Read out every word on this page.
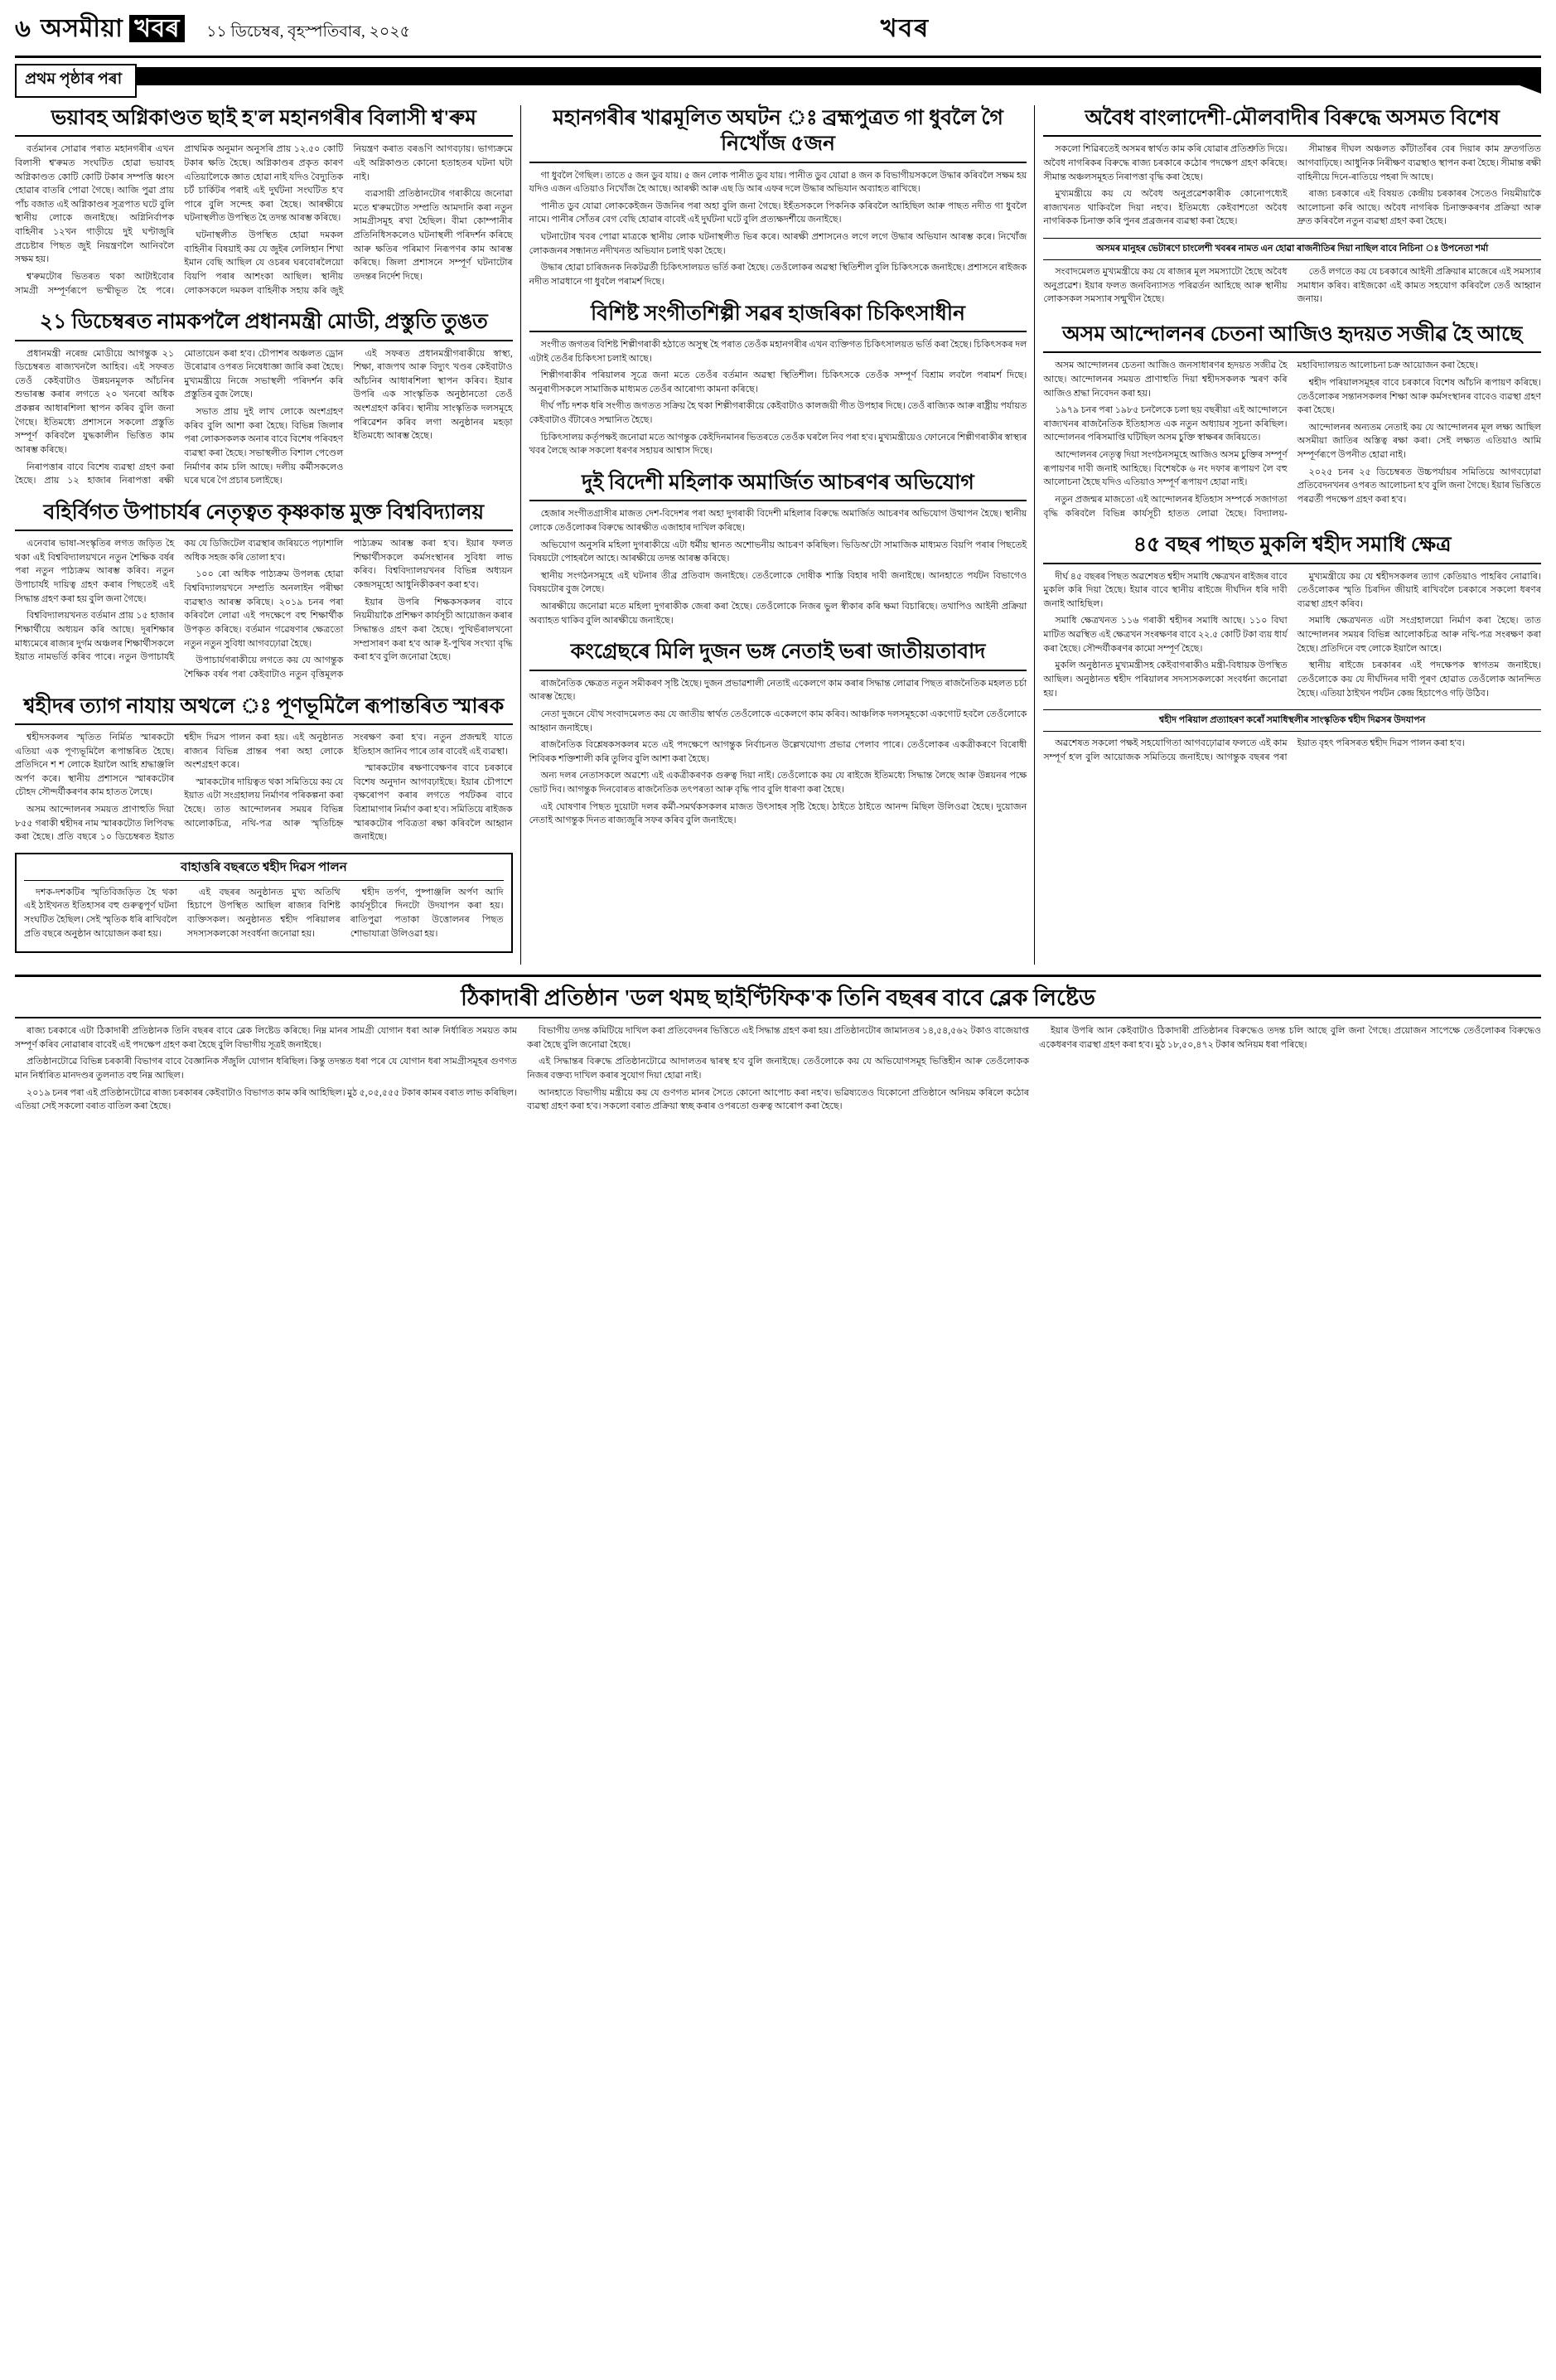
৬ অসমীয়া খবৰ	১১ ডিচেম্বৰ, বৃহস্পতিবাৰ, ২০২৫	খবৰ
প্ৰথম পৃষ্ঠাৰ পৰা
ভয়াবহ অগ্নিকাণ্ডত ছাই হ'ল মহানগৰীৰ বিলাসী শ্ব'ৰুম

বৰ্তমানৰ সোৱাৰ পৰাত মহানগৰীৰ এখন বিলাসী শ্ব'ৰুমত সংঘটিত হোৱা ভয়াবহ অগ্নিকাণ্ডত কোটি কোটি টকাৰ সম্পত্তি ধ্বংস হোৱাৰ বাতৰি পোৱা গৈছে। আজি পুৱা প্ৰায় পাঁচ বজাত এই অগ্নিকাণ্ডৰ সূত্ৰপাত ঘটে বুলি স্থানীয় লোকে জনাইছে। অগ্নিনিৰ্বাপক বাহিনীৰ ১২খন গাড়ীয়ে দুই ঘণ্টাজুৰি প্ৰচেষ্টাৰ পিছত জুই নিয়ন্ত্ৰণলৈ আনিবলৈ সক্ষম হয়।

শ্ব'ৰুমটোৰ ভিতৰত থকা আটাইবোৰ সামগ্ৰী সম্পূৰ্ণৰূপে ভস্মীভূত হৈ পৰে। প্ৰাথমিক অনুমান অনুসৰি প্ৰায় ১২.৫০ কোটি টকাৰ ক্ষতি হৈছে। অগ্নিকাণ্ডৰ প্ৰকৃত কাৰণ এতিয়ালৈকে জ্ঞাত হোৱা নাই যদিও বৈদ্যুতিক চৰ্ট চাৰ্কিটৰ পৰাই এই দুৰ্ঘটনা সংঘটিত হ'ব পাৰে বুলি সন্দেহ কৰা হৈছে। আৰক্ষীয়ে ঘটনাস্থলীত উপস্থিত হৈ তদন্ত আৰম্ভ কৰিছে।

ঘটনাস্থলীত উপস্থিত হোৱা দমকল বাহিনীৰ বিষয়াই কয় যে জুইৰ লেলিহান শিখা ইমান বেছি আছিল যে ওচৰৰ ঘৰবোৰলৈয়ো বিয়পি পৰাৰ আশংকা আছিল। স্থানীয় লোকসকলে দমকল বাহিনীক সহায় কৰি জুই নিয়ন্ত্ৰণ কৰাত বৰঙণি আগবঢ়ায়। ভাগ্যক্ৰমে এই অগ্নিকাণ্ডত কোনো হতাহতৰ ঘটনা ঘটা নাই।

ব্যৱসায়ী প্ৰতিষ্ঠানটোৰ গৰাকীয়ে জনোৱা মতে শ্ব'ৰুমটোত সম্প্ৰতি আমদানি কৰা নতুন সামগ্ৰীসমূহ ৰখা হৈছিল। বীমা কোম্পানীৰ প্ৰতিনিধিসকলেও ঘটনাস্থলী পৰিদৰ্শন কৰিছে আৰু ক্ষতিৰ পৰিমাণ নিৰূপণৰ কাম আৰম্ভ কৰিছে। জিলা প্ৰশাসনে সম্পূৰ্ণ ঘটনাটোৰ তদন্তৰ নিৰ্দেশ দিছে।

২১ ডিচেম্বৰত নামকপলৈ প্ৰধানমন্ত্ৰী মোডী, প্ৰস্তুতি তুঙত

প্ৰধানমন্ত্ৰী নৰেন্দ্ৰ মোডীয়ে আগন্তুক ২১ ডিচেম্বৰত ৰাজ্যখনলৈ আহিব। এই সফৰত তেওঁ কেইবাটাও উন্নয়নমূলক আঁচনিৰ শুভাৰম্ভ কৰাৰ লগতে ২০ খনৰো অধিক প্ৰকল্পৰ আধাৰশিলা স্থাপন কৰিব বুলি জনা গৈছে। ইতিমধ্যে প্ৰশাসনে সকলো প্ৰস্তুতি সম্পূৰ্ণ কৰিবলৈ যুদ্ধকালীন ভিত্তিত কাম আৰম্ভ কৰিছে।

নিৰাপত্তাৰ বাবে বিশেষ ব্যৱস্থা গ্ৰহণ কৰা হৈছে। প্ৰায় ১২ হাজাৰ নিৰাপত্তা ৰক্ষী মোতায়েন কৰা হ'ব। চৌপাশৰ অঞ্চলত ড্ৰোন উৰোৱাৰ ওপৰত নিষেধাজ্ঞা জাৰি কৰা হৈছে। মুখ্যমন্ত্ৰীয়ে নিজে সভাস্থলী পৰিদৰ্শন কৰি প্ৰস্তুতিৰ বুজ লৈছে।

সভাত প্ৰায় দুই লাখ লোকে অংশগ্ৰহণ কৰিব বুলি আশা কৰা হৈছে। বিভিন্ন জিলাৰ পৰা লোকসকলক অনাৰ বাবে বিশেষ পৰিবহণ ব্যৱস্থা কৰা হৈছে। সভাস্থলীত বিশাল পেণ্ডেল নিৰ্মাণৰ কাম চলি আছে। দলীয় কৰ্মীসকলেও ঘৰে ঘৰে গৈ প্ৰচাৰ চলাইছে।

এই সফৰত প্ৰধানমন্ত্ৰীগৰাকীয়ে স্বাস্থ্য, শিক্ষা, ৰাজপথ আৰু বিদ্যুৎ খণ্ডৰ কেইবাটাও আঁচনিৰ আধাৰশিলা স্থাপন কৰিব। ইয়াৰ উপৰি এক সাংস্কৃতিক অনুষ্ঠানতো তেওঁ অংশগ্ৰহণ কৰিব। স্থানীয় সাংস্কৃতিক দলসমূহে পৰিৱেশন কৰিব লগা অনুষ্ঠানৰ মহড়া ইতিমধ্যে আৰম্ভ হৈছে।

বহিৰ্বিগত উপাচাৰ্যৰ নেতৃত্বত কৃষ্ণকান্ত মুক্ত বিশ্ববিদ্যালয়

এনেবাৰ ভাষা-সংস্কৃতিৰ লগত জড়িত হৈ থকা এই বিশ্ববিদ্যালয়খনে নতুন শৈক্ষিক বৰ্ষৰ পৰা নতুন পাঠ্যক্ৰম আৰম্ভ কৰিব। নতুন উপাচাৰ্যই দায়িত্ব গ্ৰহণ কৰাৰ পিছতেই এই সিদ্ধান্ত গ্ৰহণ কৰা হয় বুলি জনা গৈছে।

বিশ্ববিদ্যালয়খনত বৰ্তমান প্ৰায় ১৫ হাজাৰ শিক্ষাৰ্থীয়ে অধ্যয়ন কৰি আছে। দূৰশিক্ষাৰ মাধ্যমেৰে ৰাজ্যৰ দুৰ্গম অঞ্চলৰ শিক্ষাৰ্থীসকলে ইয়াত নামভৰ্তি কৰিব পাৰে। নতুন উপাচাৰ্যই কয় যে ডিজিটেল ব্যৱস্থাৰ জৰিয়তে পঢ়াশালি অধিক সহজ কৰি তোলা হ'ব।

১০০ ৰো অধিক পাঠ্যক্ৰম উপলব্ধ হোৱা বিশ্ববিদ্যালয়খনে সম্প্ৰতি অনলাইন পৰীক্ষা ব্যৱস্থাও আৰম্ভ কৰিছে। ২০১৯ চনৰ পৰা কৰিবলৈ লোৱা এই পদক্ষেপে বহু শিক্ষাৰ্থীক উপকৃত কৰিছে। বৰ্তমান গৱেষণাৰ ক্ষেত্ৰতো নতুন নতুন সুবিধা আগবঢ়োৱা হৈছে।

উপাচাৰ্যগৰাকীয়ে লগতে কয় যে আগন্তুক শৈক্ষিক বৰ্ষৰ পৰা কেইবাটাও নতুন বৃত্তিমূলক পাঠ্যক্ৰম আৰম্ভ কৰা হ'ব। ইয়াৰ ফলত শিক্ষাৰ্থীসকলে কৰ্মসংস্থানৰ সুবিধা লাভ কৰিব। বিশ্ববিদ্যালয়খনৰ বিভিন্ন অধ্যয়ন কেন্দ্ৰসমূহো আধুনিকীকৰণ কৰা হ'ব।

ইয়াৰ উপৰি শিক্ষকসকলৰ বাবে নিয়মীয়াকৈ প্ৰশিক্ষণ কাৰ্যসূচী আয়োজন কৰাৰ সিদ্ধান্তও গ্ৰহণ কৰা হৈছে। পুথিভঁৰালখনো সম্প্ৰসাৰণ কৰা হ'ব আৰু ই-পুথিৰ সংখ্যা বৃদ্ধি কৰা হ'ব বুলি জনোৱা হৈছে।

শ্বহীদৰ ত্যাগ নাযায় অথলে ঃ পূণভূমিলৈ ৰূপান্তৰিত স্মাৰক

শ্বহীদসকলৰ স্মৃতিত নিৰ্মিত স্মাৰকটো এতিয়া এক পূণ্যভূমিলৈ ৰূপান্তৰিত হৈছে। প্ৰতিদিনে শ শ লোকে ইয়ালৈ আহি শ্ৰদ্ধাঞ্জলি অৰ্পণ কৰে। স্থানীয় প্ৰশাসনে স্মাৰকটোৰ চৌহদ সৌন্দৰ্যীকৰণৰ কাম হাতত লৈছে।

অসম আন্দোলনৰ সময়ত প্ৰাণাহুতি দিয়া ৮৫৫ গৰাকী শ্বহীদৰ নাম স্মাৰকটোত লিপিবদ্ধ কৰা হৈছে। প্ৰতি বছৰে ১০ ডিচেম্বৰত ইয়াত শ্বহীদ দিৱস পালন কৰা হয়। এই অনুষ্ঠানত ৰাজ্যৰ বিভিন্ন প্ৰান্তৰ পৰা অহা লোকে অংশগ্ৰহণ কৰে।

স্মাৰকটোৰ দায়িত্বত থকা সমিতিয়ে কয় যে ইয়াত এটা সংগ্ৰহালয় নিৰ্মাণৰ পৰিকল্পনা কৰা হৈছে। তাত আন্দোলনৰ সময়ৰ বিভিন্ন আলোকচিত্ৰ, নথি-পত্ৰ আৰু স্মৃতিচিহ্ন সংৰক্ষণ কৰা হ'ব। নতুন প্ৰজন্মই যাতে ইতিহাস জানিব পাৰে তাৰ বাবেই এই ব্যৱস্থা।

স্মাৰকটোৰ ৰক্ষণাবেক্ষণৰ বাবে চৰকাৰে বিশেষ অনুদান আগবঢ়াইছে। ইয়াৰ চৌপাশে বৃক্ষৰোপণ কৰাৰ লগতে পৰ্যটকৰ বাবে বিশ্ৰামাগাৰ নিৰ্মাণ কৰা হ'ব। সমিতিয়ে ৰাইজক স্মাৰকটোৰ পবিত্ৰতা ৰক্ষা কৰিবলৈ আহ্বান জনাইছে।

বাহাত্তৰি বছৰতে শ্বহীদ দিৱস পালন

দশক-দশকটিৰ স্মৃতিবিজড়িত হৈ থকা এই ঠাইখনত ইতিহাসৰ বহু গুৰুত্বপূৰ্ণ ঘটনা সংঘটিত হৈছিল। সেই স্মৃতিক ধৰি ৰাখিবলৈ প্ৰতি বছৰে অনুষ্ঠান আয়োজন কৰা হয়।

এই বছৰৰ অনুষ্ঠানত মুখ্য অতিথি হিচাপে উপস্থিত আছিল ৰাজ্যৰ বিশিষ্ট ব্যক্তিসকল। অনুষ্ঠানত শ্বহীদ পৰিয়ালৰ সদস্যসকলকো সংবৰ্ধনা জনোৱা হয়।

শ্বহীদ তৰ্পণ, পুষ্পাঞ্জলি অৰ্পণ আদি কাৰ্যসূচীৰে দিনটো উদযাপন কৰা হয়। ৰাতিপুৱা পতাকা উত্তোলনৰ পিছত শোভাযাত্ৰা উলিওৱা হয়।

মহানগৰীৰ খাৱমূলিত অঘটন ঃ ব্ৰহ্মপুত্ৰত গা ধুবলৈ গৈ নিখোঁজ ৫জন

গা ধুবলৈ গৈছিল। তাতে ৫ জন ডুব যায়। ৫ জন লোক পানীত ডুব যায়। পানীত ডুব যোৱা ৪ জন ক বিভাগীয়সকলে উদ্ধাৰ কৰিবলৈ সক্ষম হয় যদিও এজন এতিয়াও নিখোঁজ হৈ আছে। আৰক্ষী আৰু এছ ডি আৰ এফৰ দলে উদ্ধাৰ অভিযান অব্যাহত ৰাখিছে।

পানীত ডুব যোৱা লোককেইজন উজনিৰ পৰা অহা বুলি জনা গৈছে। ইহঁতসকলে পিকনিক কৰিবলৈ আহিছিল আৰু পাছত নদীত গা ধুবলৈ নামে। পানীৰ সোঁতৰ বেগ বেছি হোৱাৰ বাবেই এই দুৰ্ঘটনা ঘটে বুলি প্ৰত্যক্ষদৰ্শীয়ে জনাইছে।

ঘটনাটোৰ খবৰ পোৱা মাত্ৰকে স্থানীয় লোক ঘটনাস্থলীত ভিৰ কৰে। আৰক্ষী প্ৰশাসনেও লগে লগে উদ্ধাৰ অভিযান আৰম্ভ কৰে। নিখোঁজ লোকজনৰ সন্ধানত নদীখনত অভিযান চলাই থকা হৈছে।

উদ্ধাৰ হোৱা চাৰিজনক নিকটৱৰ্তী চিকিৎসালয়ত ভৰ্তি কৰা হৈছে। তেওঁলোকৰ অৱস্থা স্থিতিশীল বুলি চিকিৎসকে জনাইছে। প্ৰশাসনে ৰাইজক নদীত সাৱধানে গা ধুবলৈ পৰামৰ্শ দিছে।

বিশিষ্ট সংগীতশিল্পী সৱৰ হাজৰিকা চিকিৎসাধীন

সংগীত জগতৰ বিশিষ্ট শিল্পীগৰাকী হঠাতে অসুস্থ হৈ পৰাত তেওঁক মহানগৰীৰ এখন ব্যক্তিগত চিকিৎসালয়ত ভৰ্তি কৰা হৈছে। চিকিৎসকৰ দল এটাই তেওঁৰ চিকিৎসা চলাই আছে।

শিল্পীগৰাকীৰ পৰিয়ালৰ সূত্ৰে জনা মতে তেওঁৰ বৰ্তমান অৱস্থা স্থিতিশীল। চিকিৎসকে তেওঁক সম্পূৰ্ণ বিশ্ৰাম লবলৈ পৰামৰ্শ দিছে। অনুৰাগীসকলে সামাজিক মাধ্যমত তেওঁৰ আৰোগ্য কামনা কৰিছে।

দীৰ্ঘ পাঁচ দশক ধৰি সংগীত জগতত সক্ৰিয় হৈ থকা শিল্পীগৰাকীয়ে কেইবাটাও কালজয়ী গীত উপহাৰ দিছে। তেওঁ ৰাজ্যিক আৰু ৰাষ্ট্ৰীয় পৰ্যায়ত কেইবাটাও বঁটাৰেও সন্মানিত হৈছে।

চিকিৎসালয় কৰ্তৃপক্ষই জনোৱা মতে আগন্তুক কেইদিনমানৰ ভিতৰতে তেওঁক ঘৰলৈ নিব পৰা হ'ব। মুখ্যমন্ত্ৰীয়েও ফোনেৰে শিল্পীগৰাকীৰ স্বাস্থ্যৰ খবৰ লৈছে আৰু সকলো ধৰণৰ সহায়ৰ আশ্বাস দিছে।

দুই বিদেশী মহিলাক অমাৰ্জিত আচৰণৰ অভিযোগ

হেজাৰ সংগীতগ্ৰাসীৰ মাজত দেশ-বিদেশৰ পৰা অহা দুগৰাকী বিদেশী মহিলাৰ বিৰুদ্ধে অমাৰ্জিত আচৰণৰ অভিযোগ উত্থাপন হৈছে। স্থানীয় লোকে তেওঁলোকৰ বিৰুদ্ধে আৰক্ষীত এজাহাৰ দাখিল কৰিছে।

অভিযোগ অনুসৰি মহিলা দুগৰাকীয়ে এটা ধৰ্মীয় স্থানত অশোভনীয় আচৰণ কৰিছিল। ভিডিঅ'টো সামাজিক মাধ্যমত বিয়পি পৰাৰ পিছতেই বিষয়টো পোহৰলৈ আহে। আৰক্ষীয়ে তদন্ত আৰম্ভ কৰিছে।

স্থানীয় সংগঠনসমূহে এই ঘটনাৰ তীব্ৰ প্ৰতিবাদ জনাইছে। তেওঁলোকে দোষীক শাস্তি বিহাৰ দাবী জনাইছে। আনহাতে পৰ্যটন বিভাগেও বিষয়টোৰ বুজ লৈছে।

আৰক্ষীয়ে জনোৱা মতে মহিলা দুগৰাকীক জেৰা কৰা হৈছে। তেওঁলোকে নিজৰ ভুল স্বীকাৰ কৰি ক্ষমা বিচাৰিছে। তথাপিও আইনী প্ৰক্ৰিয়া অব্যাহত থাকিব বুলি আৰক্ষীয়ে জনাইছে।

কংগ্ৰেছৰে মিলি দুজন ভঙ্গ নেতাই ভৰা জাতীয়তাবাদ

ৰাজনৈতিক ক্ষেত্ৰত নতুন সমীকৰণ সৃষ্টি হৈছে। দুজন প্ৰভাৱশালী নেতাই একেলগে কাম কৰাৰ সিদ্ধান্ত লোৱাৰ পিছত ৰাজনৈতিক মহলত চৰ্চা আৰম্ভ হৈছে।

নেতা দুজনে যৌথ সংবাদমেলত কয় যে জাতীয় স্বাৰ্থত তেওঁলোকে একেলগে কাম কৰিব। আঞ্চলিক দলসমূহকো একগোট হবলৈ তেওঁলোকে আহ্বান জনাইছে।

ৰাজনৈতিক বিশ্লেষকসকলৰ মতে এই পদক্ষেপে আগন্তুক নিৰ্বাচনত উল্লেখযোগ্য প্ৰভাৱ পেলাব পাৰে। তেওঁলোকৰ একত্ৰীকৰণে বিৰোধী শিবিৰক শক্তিশালী কৰি তুলিব বুলি আশা কৰা হৈছে।

অন্য দলৰ নেতাসকলে অৱশ্যে এই একত্ৰীকৰণক গুৰুত্ব দিয়া নাই। তেওঁলোকে কয় যে ৰাইজে ইতিমধ্যে সিদ্ধান্ত লৈছে আৰু উন্নয়নৰ পক্ষে ভোট দিব। আগন্তুক দিনবোৰত ৰাজনৈতিক তৎপৰতা আৰু বৃদ্ধি পাব বুলি ধাৰণা কৰা হৈছে।

এই ঘোষণাৰ পিছত দুয়োটা দলৰ কৰ্মী-সমৰ্থকসকলৰ মাজত উৎসাহৰ সৃষ্টি হৈছে। ঠাইতে ঠাইতে আনন্দ মিছিল উলিওৱা হৈছে। দুয়োজন নেতাই আগন্তুক দিনত ৰাজ্যজুৰি সফৰ কৰিব বুলি জনাইছে।

অবৈধ বাংলাদেশী-মৌলবাদীৰ বিৰুদ্ধে অসমত বিশেষ

সকলো শিৱিৰতেই অসমৰ স্বাৰ্থত কাম কৰি যোৱাৰ প্ৰতিশ্ৰুতি দিয়ে। অবৈধ নাগৰিকৰ বিৰুদ্ধে ৰাজ্য চৰকাৰে কঠোৰ পদক্ষেপ গ্ৰহণ কৰিছে। সীমান্ত অঞ্চলসমূহত নিৰাপত্তা বৃদ্ধি কৰা হৈছে।

মুখ্যমন্ত্ৰীয়ে কয় যে অবৈধ অনুপ্ৰৱেশকাৰীক কোনোপধ্যেই ৰাজ্যখনত থাকিবলৈ দিয়া নহ'ব। ইতিমধ্যে কেইবাশতো অবৈধ নাগৰিকক চিনাক্ত কৰি পুনৰ প্ৰব্ৰজনৰ ব্যৱস্থা কৰা হৈছে।

সীমান্তৰ দীঘল অঞ্চলত কাঁটাতাঁৰৰ বেৰ দিয়াৰ কাম দ্ৰুতগতিত আগবাঢ়িছে। আধুনিক নিৰীক্ষণ ব্যৱস্থাও স্থাপন কৰা হৈছে। সীমান্ত ৰক্ষী বাহিনীয়ে দিনে-ৰাতিয়ে পহৰা দি আছে।

ৰাজ্য চৰকাৰে এই বিষয়ত কেন্দ্ৰীয় চৰকাৰৰ সৈতেও নিয়মীয়াকৈ আলোচনা কৰি আছে। অবৈধ নাগৰিক চিনাক্তকৰণৰ প্ৰক্ৰিয়া আৰু দ্ৰুত কৰিবলৈ নতুন ব্যৱস্থা গ্ৰহণ কৰা হৈছে।

অসমৰ মানুহৰ ভেটাৰণে চাংলেশী খবৰৰ নামত এন হোৱা ৰাজনীতিৰ দিয়া নাছিল বাবে নিচিনা ঃ উপনেতা শৰ্মা

সংবাদমেলত মুখ্যমন্ত্ৰীয়ে কয় যে ৰাজ্যৰ মূল সমস্যাটো হৈছে অবৈধ অনুপ্ৰৱেশ। ইয়াৰ ফলত জনবিন্যাসত পৰিৱৰ্তন আহিছে আৰু স্থানীয় লোকসকল সমস্যাৰ সন্মুখীন হৈছে।

তেওঁ লগতে কয় যে চৰকাৰে আইনী প্ৰক্ৰিয়াৰ মাজেৰে এই সমস্যাৰ সমাধান কৰিব। ৰাইজকো এই কামত সহযোগ কৰিবলৈ তেওঁ আহ্বান জনায়।

অসম আন্দোলনৰ চেতনা আজিও হৃদয়ত সজীৱ হৈ আছে

অসম আন্দোলনৰ চেতনা আজিও জনসাধাৰণৰ হৃদয়ত সজীৱ হৈ আছে। আন্দোলনৰ সময়ত প্ৰাণাহুতি দিয়া শ্বহীদসকলক স্মৰণ কৰি আজিও শ্ৰদ্ধা নিবেদন কৰা হয়।

১৯৭৯ চনৰ পৰা ১৯৮৫ চনলৈকে চলা ছয় বছৰীয়া এই আন্দোলনে ৰাজ্যখনৰ ৰাজনৈতিক ইতিহাসত এক নতুন অধ্যায়ৰ সূচনা কৰিছিল। আন্দোলনৰ পৰিসমাপ্তি ঘটিছিল অসম চুক্তি স্বাক্ষৰৰ জৰিয়তে।

আন্দোলনৰ নেতৃত্ব দিয়া সংগঠনসমূহে আজিও অসম চুক্তিৰ সম্পূৰ্ণ ৰূপায়ণৰ দাবী জনাই আহিছে। বিশেষকৈ ৬ নং দফাৰ ৰূপায়ণ লৈ বহু আলোচনা হৈছে যদিও এতিয়াও সম্পূৰ্ণ ৰূপায়ণ হোৱা নাই।

নতুন প্ৰজন্মৰ মাজতো এই আন্দোলনৰ ইতিহাস সম্পৰ্কে সজাগতা বৃদ্ধি কৰিবলৈ বিভিন্ন কাৰ্যসূচী হাতত লোৱা হৈছে। বিদ্যালয়-মহাবিদ্যালয়ত আলোচনা চক্ৰ আয়োজন কৰা হৈছে।

শ্বহীদ পৰিয়ালসমূহৰ বাবে চৰকাৰে বিশেষ আঁচনি ৰূপায়ণ কৰিছে। তেওঁলোকৰ সন্তানসকলৰ শিক্ষা আৰু কৰ্মসংস্থানৰ বাবেও ব্যৱস্থা গ্ৰহণ কৰা হৈছে।

আন্দোলনৰ অন্যতম নেতাই কয় যে আন্দোলনৰ মূল লক্ষ্য আছিল অসমীয়া জাতিৰ অস্তিত্ব ৰক্ষা কৰা। সেই লক্ষ্যত এতিয়াও আমি সম্পূৰ্ণৰূপে উপনীত হোৱা নাই।

২০২৫ চনৰ ২৫ ডিচেম্বৰত উচ্চপৰ্যায়ৰ সমিতিয়ে আগবঢ়োৱা প্ৰতিবেদনখনৰ ওপৰত আলোচনা হ'ব বুলি জনা গৈছে। ইয়াৰ ভিত্তিতে পৰৱৰ্তী পদক্ষেপ গ্ৰহণ কৰা হ'ব।

৪৫ বছৰ পাছত মুকলি শ্বহীদ সমাধি ক্ষেত্ৰ

দীৰ্ঘ ৪৫ বছৰৰ পিছত অৱশেষত শ্বহীদ সমাধি ক্ষেত্ৰখন ৰাইজৰ বাবে মুকলি কৰি দিয়া হৈছে। ইয়াৰ বাবে স্থানীয় ৰাইজে দীৰ্ঘদিন ধৰি দাবী জনাই আহিছিল।

সমাধি ক্ষেত্ৰখনত ১১৬ গৰাকী শ্বহীদৰ সমাধি আছে। ১১০ বিঘা মাটিত অৱস্থিত এই ক্ষেত্ৰখন সংৰক্ষণৰ বাবে ২২.৫ কোটি টকা ব্যয় ধাৰ্য কৰা হৈছে। সৌন্দৰ্যীকৰণৰ কামো সম্পূৰ্ণ হৈছে।

মুকলি অনুষ্ঠানত মুখ্যমন্ত্ৰীসহ কেইবাগৰাকীও মন্ত্ৰী-বিধায়ক উপস্থিত আছিল। অনুষ্ঠানত শ্বহীদ পৰিয়ালৰ সদস্যসকলকো সংবৰ্ধনা জনোৱা হয়।

মুখ্যমন্ত্ৰীয়ে কয় যে শ্বহীদসকলৰ ত্যাগ কেতিয়াও পাহৰিব নোৱাৰি। তেওঁলোকৰ স্মৃতি চিৰদিন জীয়াই ৰাখিবলৈ চৰকাৰে সকলো ধৰণৰ ব্যৱস্থা গ্ৰহণ কৰিব।

সমাধি ক্ষেত্ৰখনত এটা সংগ্ৰহালয়ো নিৰ্মাণ কৰা হৈছে। তাত আন্দোলনৰ সময়ৰ বিভিন্ন আলোকচিত্ৰ আৰু নথি-পত্ৰ সংৰক্ষণ কৰা হৈছে। প্ৰতিদিনে বহু লোকে ইয়ালৈ আহে।

স্থানীয় ৰাইজে চৰকাৰৰ এই পদক্ষেপক স্বাগতম জনাইছে। তেওঁলোকে কয় যে দীৰ্ঘদিনৰ দাবী পূৰণ হোৱাত তেওঁলোক আনন্দিত হৈছে। এতিয়া ঠাইখন পৰ্যটন কেন্দ্ৰ হিচাপেও গঢ়ি উঠিব।

শ্বহীদ পৰিয়াল প্ৰত্যাহৰণ কৰোঁ সমাধিস্থলীৰ সাংস্কৃতিক শ্বহীদ দিৱসৰ উদযাপন

অৱশেষত সকলো পক্ষই সহযোগিতা আগবঢ়োৱাৰ ফলতে এই কাম সম্পূৰ্ণ হ'ল বুলি আয়োজক সমিতিয়ে জনাইছে। আগন্তুক বছৰৰ পৰা ইয়াত বৃহৎ পৰিসৰত শ্বহীদ দিৱস পালন কৰা হ'ব।

ঠিকাদাৰী প্ৰতিষ্ঠান 'ডল থমছ ছাইণ্টিফিক'ক তিনি বছৰৰ বাবে ব্লেক লিষ্টেড

ৰাজ্য চৰকাৰে এটা ঠিকাদাৰী প্ৰতিষ্ঠানক তিনি বছৰৰ বাবে ব্লেক লিষ্টেড কৰিছে। নিম্ন মানৰ সামগ্ৰী যোগান ধৰা আৰু নিৰ্ধাৰিত সময়ত কাম সম্পূৰ্ণ কৰিব নোৱাৰাৰ বাবেই এই পদক্ষেপ গ্ৰহণ কৰা হৈছে বুলি বিভাগীয় সূত্ৰই জনাইছে।

প্ৰতিষ্ঠানটোৱে বিভিন্ন চৰকাৰী বিভাগৰ বাবে বৈজ্ঞানিক সঁজুলি যোগান ধৰিছিল। কিন্তু তদন্তত ধৰা পৰে যে যোগান ধৰা সামগ্ৰীসমূহৰ গুণগত মান নিৰ্ধাৰিত মানদণ্ডৰ তুলনাত বহু নিম্ন আছিল।

২০১৯ চনৰ পৰা এই প্ৰতিষ্ঠানটোৱে ৰাজ্য চৰকাৰৰ কেইবাটাও বিভাগত কাম কৰি আহিছিল। মুঠ ৫,০৫,৫৫৫ টকাৰ কামৰ বৰাত লাভ কৰিছিল। এতিয়া সেই সকলো বৰাত বাতিল কৰা হৈছে।

বিভাগীয় তদন্ত কমিটিয়ে দাখিল কৰা প্ৰতিবেদনৰ ভিত্তিতে এই সিদ্ধান্ত গ্ৰহণ কৰা হয়। প্ৰতিষ্ঠানটোৰ জামানতৰ ১৪,৫৪,৫৬২ টকাও বাজেয়াপ্ত কৰা হৈছে বুলি জনোৱা হৈছে।

এই সিদ্ধান্তৰ বিৰুদ্ধে প্ৰতিষ্ঠানটোৱে আদালতৰ দ্বাৰস্থ হ'ব বুলি জনাইছে। তেওঁলোকে কয় যে অভিযোগসমূহ ভিত্তিহীন আৰু তেওঁলোকক নিজৰ বক্তব্য দাখিল কৰাৰ সুযোগ দিয়া হোৱা নাই।

আনহাতে বিভাগীয় মন্ত্ৰীয়ে কয় যে গুণগত মানৰ সৈতে কোনো আপোচ কৰা নহ'ব। ভৱিষ্যতেও যিকোনো প্ৰতিষ্ঠানে অনিয়ম কৰিলে কঠোৰ ব্যৱস্থা গ্ৰহণ কৰা হ'ব। সকলো বৰাত প্ৰক্ৰিয়া স্বচ্ছ কৰাৰ ওপৰতো গুৰুত্ব আৰোপ কৰা হৈছে।

ইয়াৰ উপৰি আন কেইবাটাও ঠিকাদাৰী প্ৰতিষ্ঠানৰ বিৰুদ্ধেও তদন্ত চলি আছে বুলি জনা গৈছে। প্ৰয়োজন সাপেক্ষে তেওঁলোকৰ বিৰুদ্ধেও একেধৰণৰ ব্যৱস্থা গ্ৰহণ কৰা হ'ব। মুঠ ১৮,৫০,৪৭২ টকাৰ অনিয়ম ধৰা পৰিছে।
